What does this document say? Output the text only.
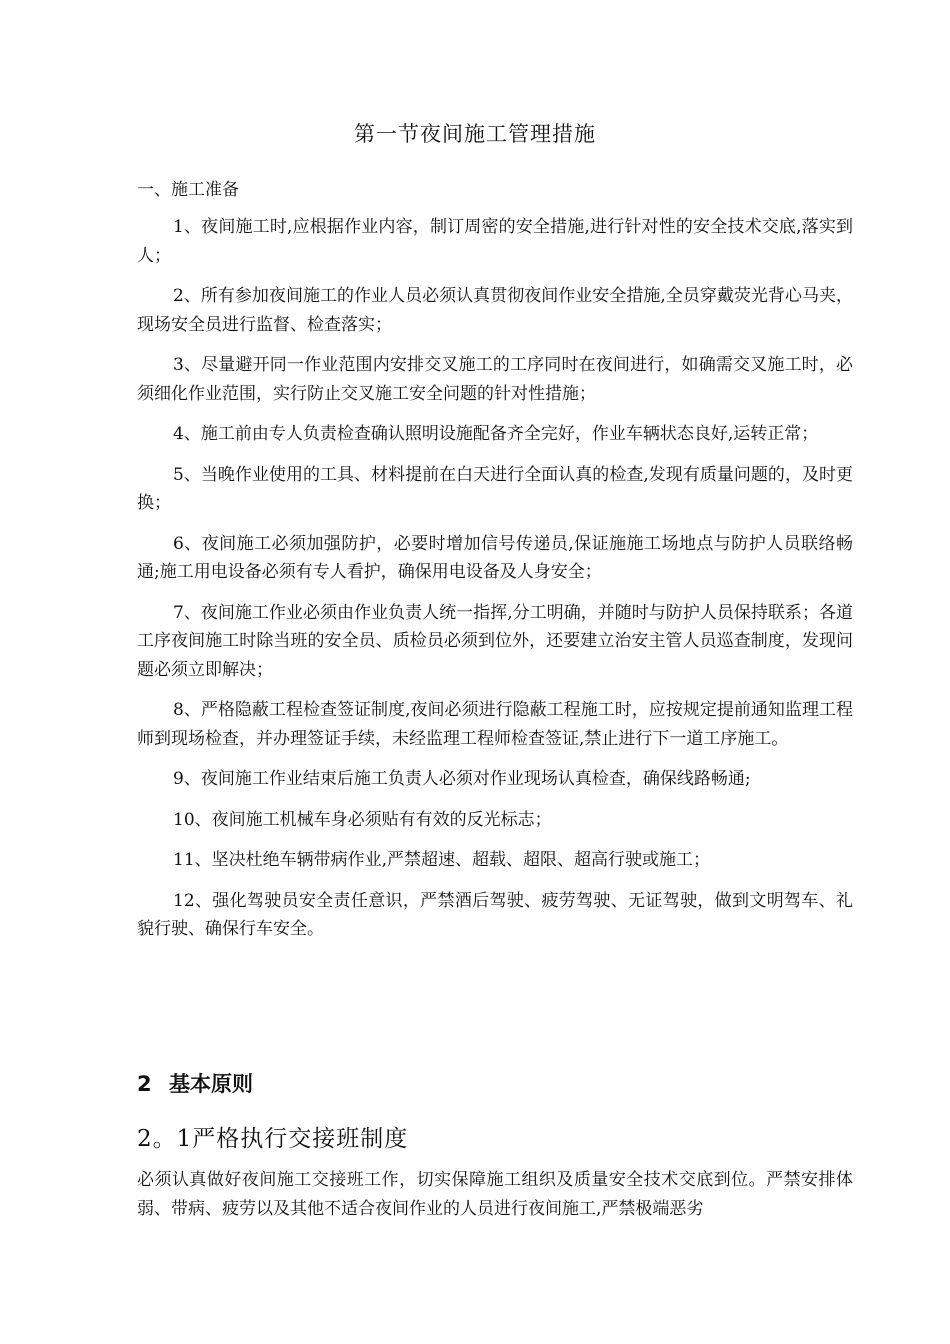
第一节夜间施工管理措施
一、施工准备

1、夜间施工时,应根据作业内容，制订周密的安全措施,进行针对性的安全技术交底,落实到人；

2、所有参加夜间施工的作业人员必须认真贯彻夜间作业安全措施,全员穿戴荧光背心马夹，现场安全员进行监督、检查落实；

3、尽量避开同一作业范围内安排交叉施工的工序同时在夜间进行，如确需交叉施工时，必须细化作业范围，实行防止交叉施工安全问题的针对性措施；

4、施工前由专人负责检查确认照明设施配备齐全完好，作业车辆状态良好,运转正常；

5、当晚作业使用的工具、材料提前在白天进行全面认真的检查,发现有质量问题的，及时更换；

6、夜间施工必须加强防护，必要时增加信号传递员,保证施施工场地点与防护人员联络畅通;施工用电设备必须有专人看护，确保用电设备及人身安全；

7、夜间施工作业必须由作业负责人统一指挥,分工明确，并随时与防护人员保持联系；各道工序夜间施工时除当班的安全员、质检员必须到位外，还要建立治安主管人员巡查制度，发现问题必须立即解决；

8、严格隐蔽工程检查签证制度,夜间必须进行隐蔽工程施工时，应按规定提前通知监理工程师到现场检查，并办理签证手续，未经监理工程师检查签证,禁止进行下一道工序施工。

9、夜间施工作业结束后施工负责人必须对作业现场认真检查，确保线路畅通;

10、夜间施工机械车身必须贴有有效的反光标志；

11、坚决杜绝车辆带病作业,严禁超速、超载、超限、超高行驶或施工；

12、强化驾驶员安全责任意识，严禁酒后驾驶、疲劳驾驶、无证驾驶，做到文明驾车、礼貌行驶、确保行车安全。

2 基本原则
2。1严格执行交接班制度

必须认真做好夜间施工交接班工作，切实保障施工组织及质量安全技术交底到位。严禁安排体弱、带病、疲劳以及其他不适合夜间作业的人员进行夜间施工,严禁极端恶劣
